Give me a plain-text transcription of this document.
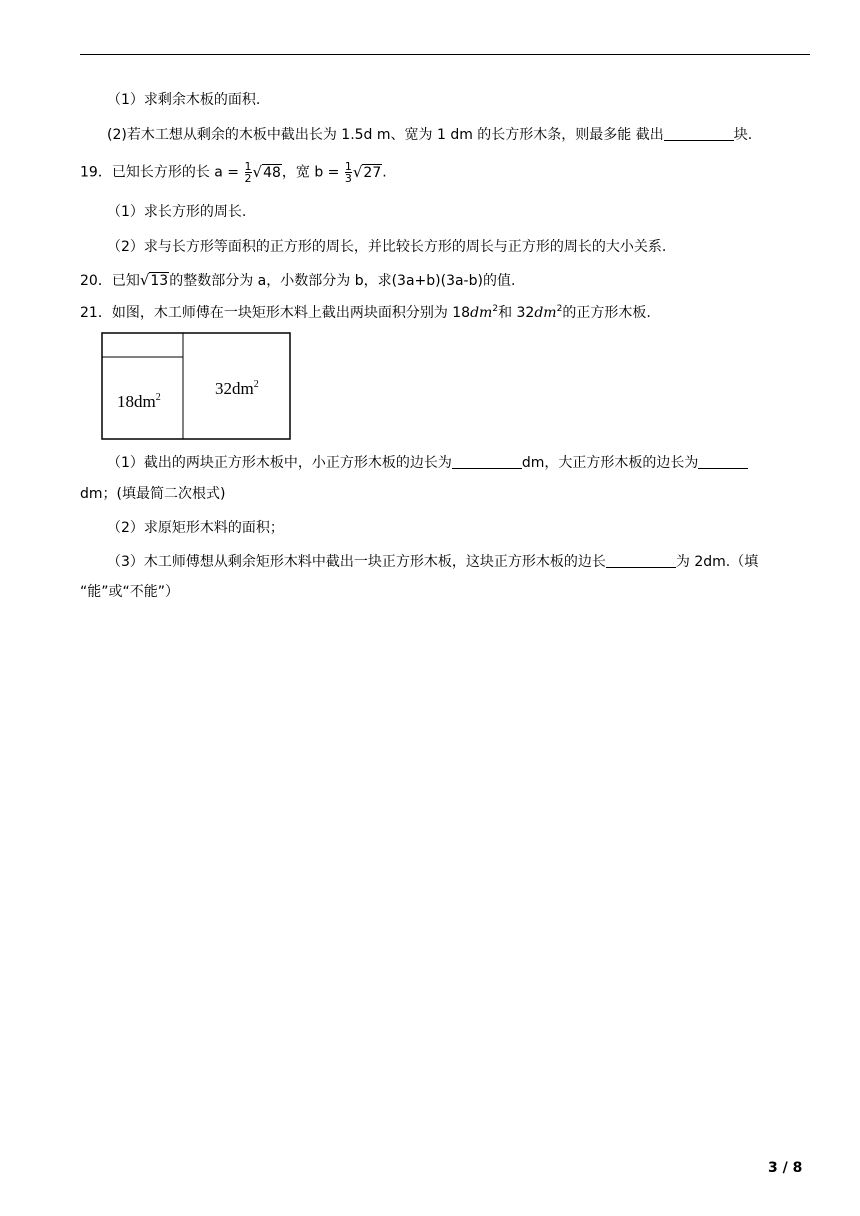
（1）求剩余木板的面积.
(2)若木工想从剩余的木板中截出长为 1.5d m、宽为 1 dm 的长方形木条，则最多能 截出	块.
19．已知长方形的长 $a = \frac{1}{2} √48$，宽 $b = \frac{1}{3} √27$.
（1）求长方形的周长.
（2）求与长方形等面积的正方形的周长，并比较长方形的周长与正方形的周长的大小关系.
20．已知√13的整数部分为 a，小数部分为 b，求(3a+b)(3a-b)的值.
21．如图，木工师傅在一块矩形木料上截出两块面积分别为 $18dm^2$和 $32dm^2$的正方形木板.
$18dm^2$	$32dm^2$
（1）截出的两块正方形木板中，小正方形木板的边长为	dm，大正方形木板的边长为
dm；(填最简二次根式)
（2）求原矩形木料的面积；
（3）木工师傅想从剩余矩形木料中截出一块正方形木板，这块正方形木板的边长	为 2dm.（填
“能”或“不能”）
3 / 8
